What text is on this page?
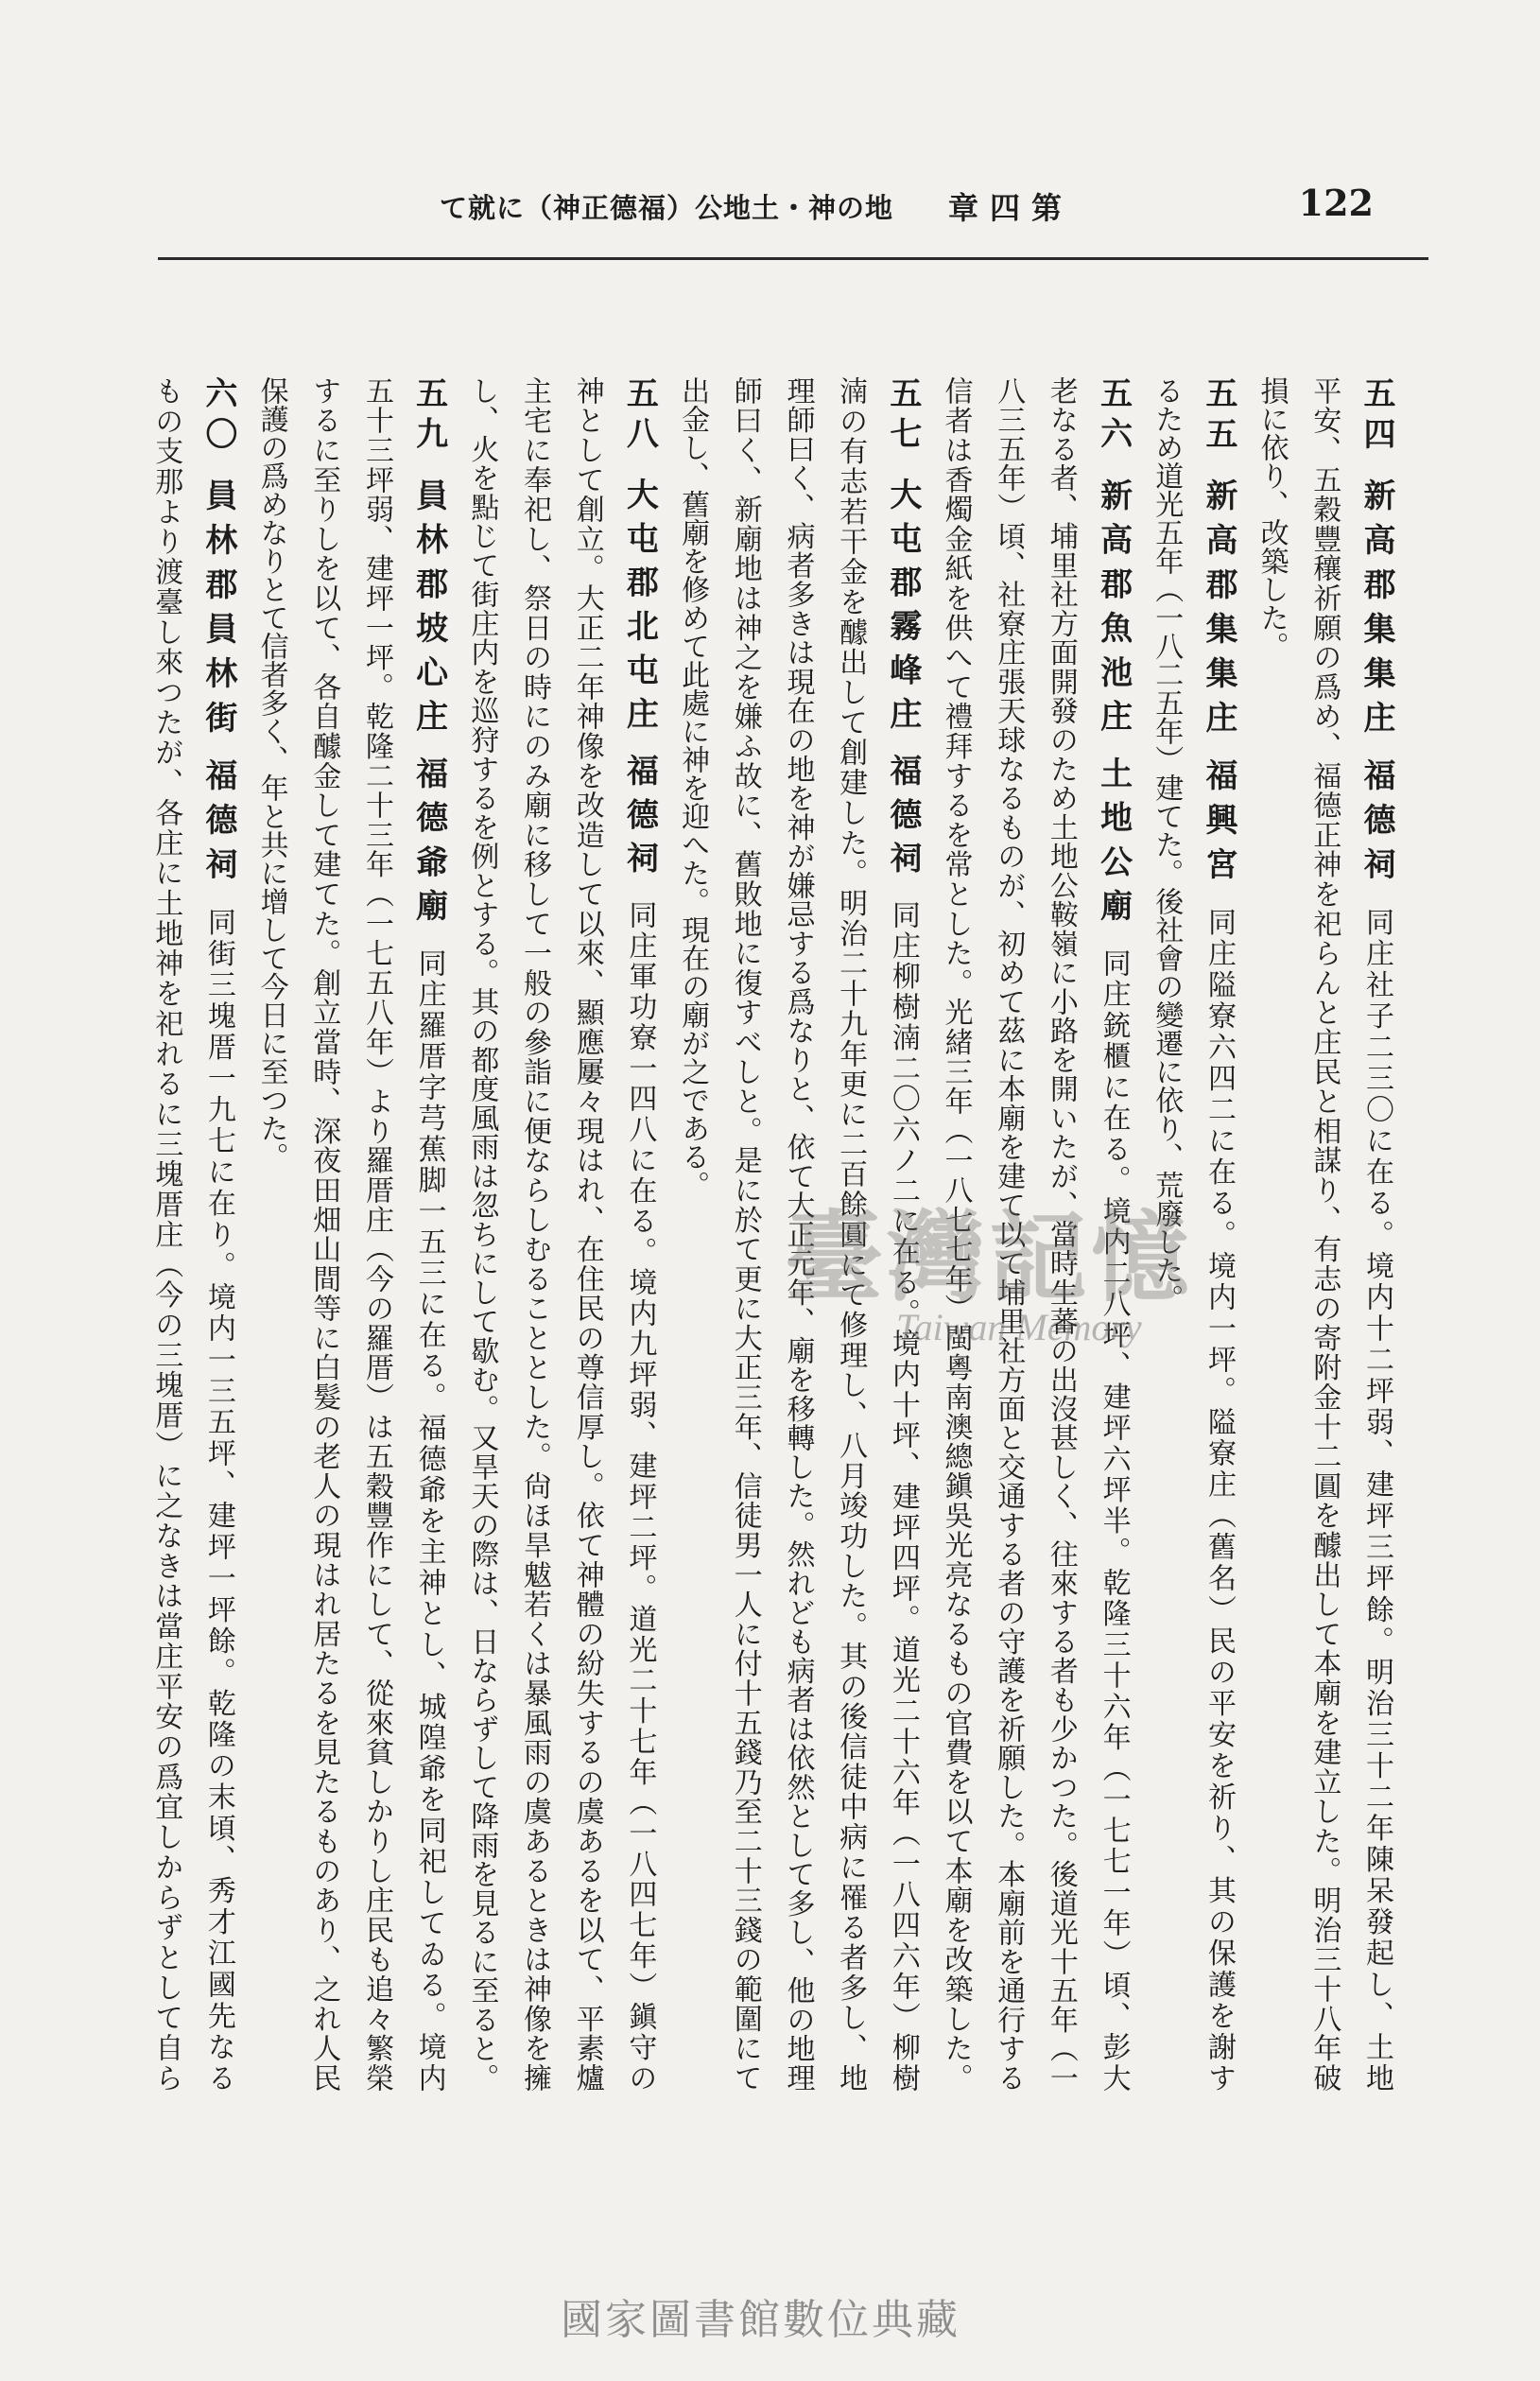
122
第四章
地の神・土地公（福德正神）に就て
五四新高郡集集庄福德祠同庄社子二三〇に在る。境内十二坪弱、建坪三坪餘。明治三十二年陳呆發起し、土地
平安、五穀豐穰祈願の爲め、福德正神を祀らんと庄民と相謀り、有志の寄附金十二圓を醵出して本廟を建立した。明治三十八年破
損に依り、改築した。
五五新高郡集集庄福興宮同庄隘寮六四二に在る。境内一坪。隘寮庄（舊名）民の平安を祈り、其の保護を謝す
るため道光五年（一八二五年）建てた。後社會の變遷に依り、荒廢した。
五六新高郡魚池庄土地公廟同庄銃櫃に在る。境内二八坪、建坪六坪半。乾隆三十六年（一七七一年）頃、彭大
老なる者、埔里社方面開發のため土地公鞍嶺に小路を開いたが、當時生蕃の出沒甚しく、往來する者も少かつた。後道光十五年（一
八三五年）頃、社寮庄張天球なるものが、初めて茲に本廟を建て以て埔里社方面と交通する者の守護を祈願した。本廟前を通行する
信者は香燭金紙を供へて禮拜するを常とした。光緒三年（一八七七年）閩粵南澳總鎭吳光亮なるもの官費を以て本廟を改築した。
五七大屯郡霧峰庄福德祠同庄柳樹湳二〇六ノ二に在る。境内十坪、建坪四坪。道光二十六年（一八四六年）柳樹
湳の有志若干金を醵出して創建した。明治二十九年更に二百餘圓にて修理し、八月竣功した。其の後信徒中病に罹る者多し、地
理師曰く、病者多きは現在の地を神が嫌忌する爲なりと、依て大正元年、廟を移轉した。然れども病者は依然として多し、他の地理
師曰く、新廟地は神之を嫌ふ故に、舊敗地に復すべしと。是に於て更に大正三年、信徒男一人に付十五錢乃至二十三錢の範圍にて
出金し、舊廟を修めて此處に神を迎へた。現在の廟が之である。
五八大屯郡北屯庄福德祠同庄軍功寮一四八に在る。境内九坪弱、建坪二坪。道光二十七年（一八四七年）鎭守の
神として創立。大正二年神像を改造して以來、顯應屢々現はれ、在住民の尊信厚し。依て神體の紛失するの虞あるを以て、平素爐
主宅に奉祀し、祭日の時にのみ廟に移して一般の參詣に便ならしむることとした。尙ほ旱魃若くは暴風雨の虞あるときは神像を擁
し、火を點じて街庄内を巡狩するを例とする。其の都度風雨は忽ちにして歇む。又旱天の際は、日ならずして降雨を見るに至ると。
五九員林郡坡心庄福德爺廟同庄羅厝字芎蕉脚一五三に在る。福德爺を主神とし、城隍爺を同祀してゐる。境内
五十三坪弱、建坪一坪。乾隆二十三年（一七五八年）より羅厝庄（今の羅厝）は五穀豐作にして、從來貧しかりし庄民も追々繁榮
するに至りしを以て、各自醵金して建てた。創立當時、深夜田畑山間等に白髮の老人の現はれ居たるを見たるものあり、之れ人民
保護の爲めなりとて信者多く、年と共に增して今日に至つた。
六〇員林郡員林街福德祠同街三塊厝一九七に在り。境内一三五坪、建坪一坪餘。乾隆の末頃、秀才江國先なる
もの支那より渡臺し來つたが、各庄に土地神を祀れるに三塊厝庄（今の三塊厝）に之なきは當庄平安の爲宜しからずとして自ら	臺灣記憶
Taiwan Memory
國家圖書館數位典藏
